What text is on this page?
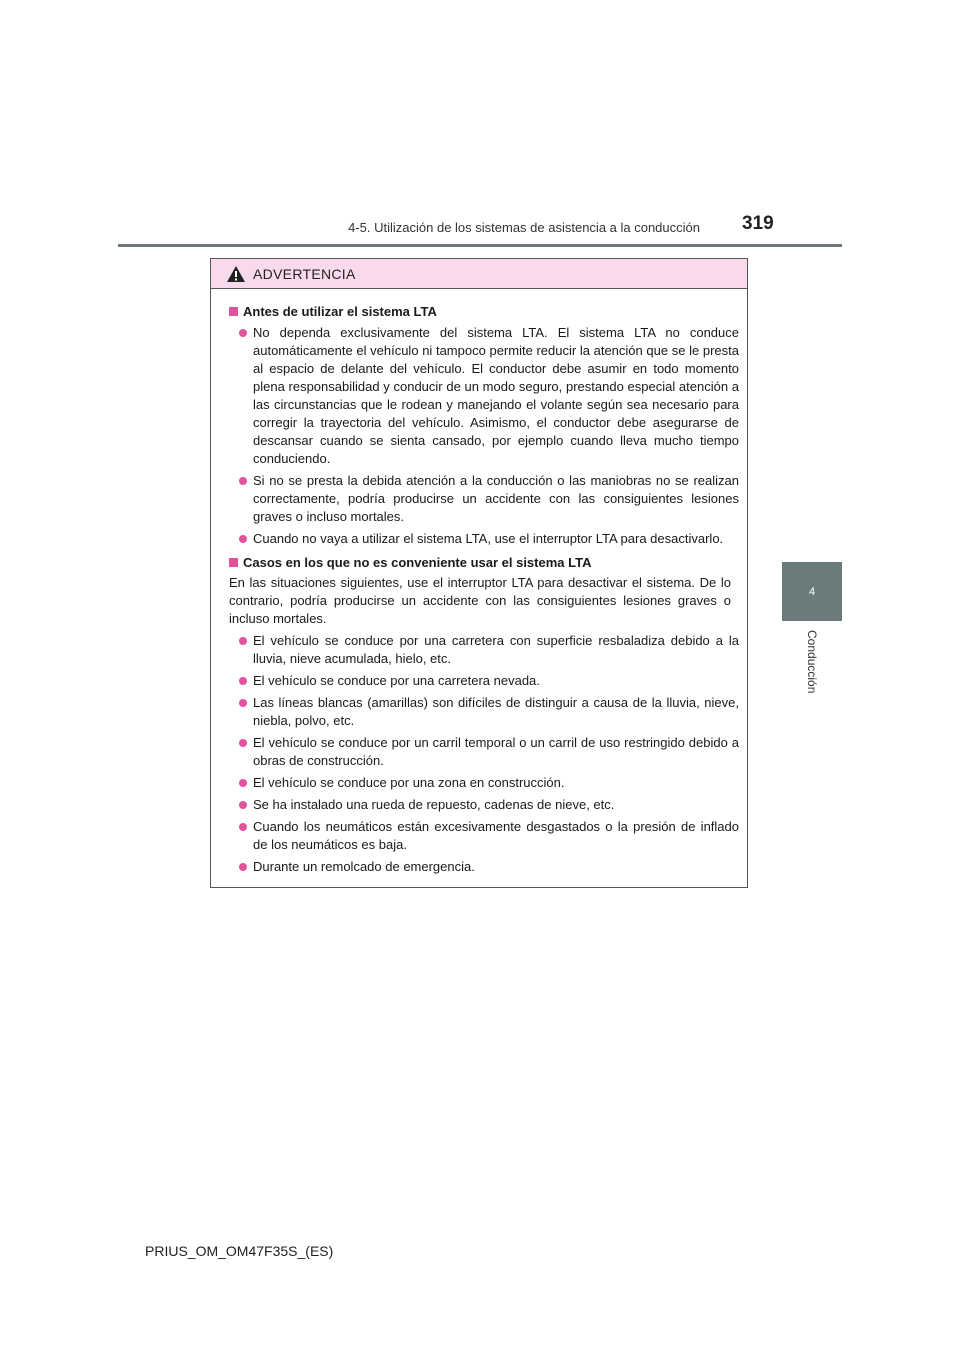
4-5. Utilización de los sistemas de asistencia a la conducción 319
4
Conducción
ADVERTENCIA
Antes de utilizar el sistema LTA
No dependa exclusivamente del sistema LTA. El sistema LTA no conduce automáticamente el vehículo ni tampoco permite reducir la atención que se le presta al espacio de delante del vehículo. El conductor debe asumir en todo momento plena responsabilidad y conducir de un modo seguro, prestando especial atención a las circunstancias que le rodean y manejando el volante según sea necesario para corregir la trayectoria del vehículo. Asimismo, el conductor debe asegurarse de descansar cuando se sienta cansado, por ejemplo cuando lleva mucho tiempo conduciendo.
Si no se presta la debida atención a la conducción o las maniobras no se realizan correctamente, podría producirse un accidente con las consiguientes lesiones graves o incluso mortales.
Cuando no vaya a utilizar el sistema LTA, use el interruptor LTA para desactivarlo.
Casos en los que no es conveniente usar el sistema LTA
En las situaciones siguientes, use el interruptor LTA para desactivar el sistema. De lo contrario, podría producirse un accidente con las consiguientes lesiones graves o incluso mortales.
El vehículo se conduce por una carretera con superficie resbaladiza debido a la lluvia, nieve acumulada, hielo, etc.
El vehículo se conduce por una carretera nevada.
Las líneas blancas (amarillas) son difíciles de distinguir a causa de la lluvia, nieve, niebla, polvo, etc.
El vehículo se conduce por un carril temporal o un carril de uso restringido debido a obras de construcción.
El vehículo se conduce por una zona en construcción.
Se ha instalado una rueda de repuesto, cadenas de nieve, etc.
Cuando los neumáticos están excesivamente desgastados o la presión de inflado de los neumáticos es baja.
Durante un remolcado de emergencia.
PRIUS_OM_OM47F35S_(ES)
